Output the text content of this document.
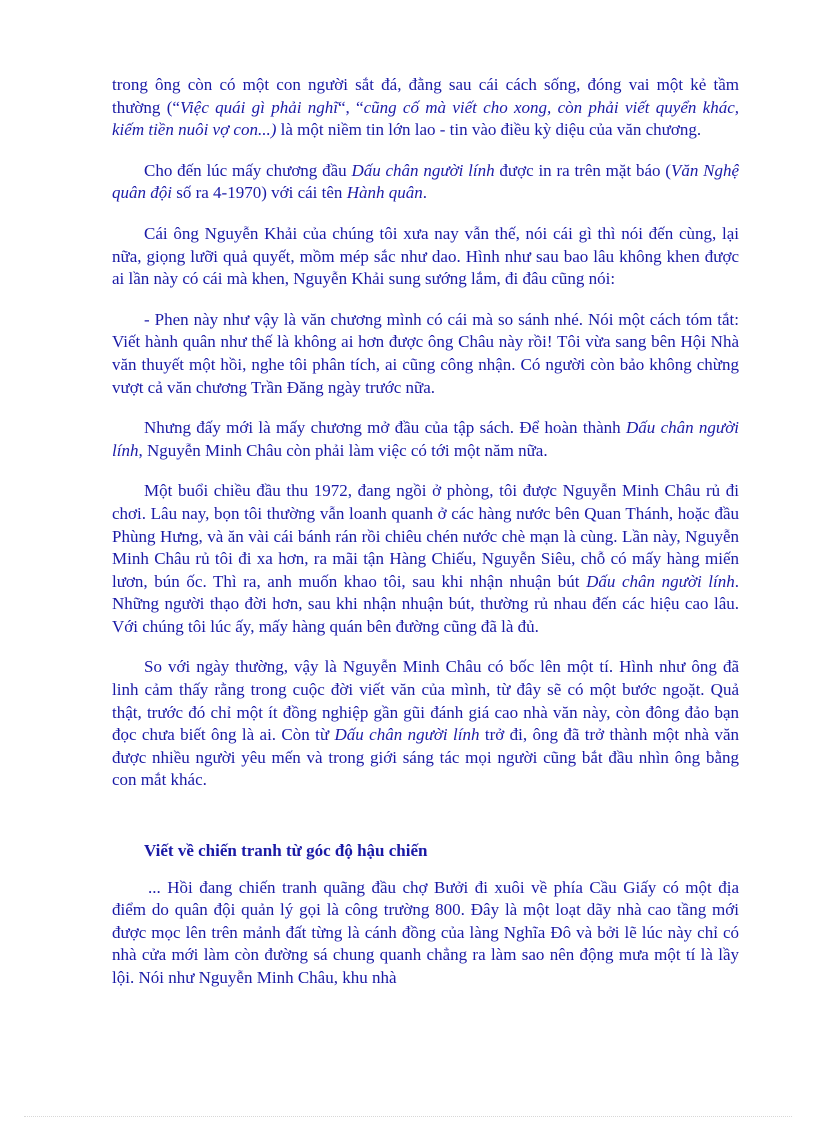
trong ông còn có một con người sắt đá, đằng sau cái cách sống, đóng vai một kẻ tầm thường (“Việc quái gì phải nghĩ“, “cũng cố mà viết cho xong, còn phải viết quyển khác, kiếm tiền nuôi vợ con...) là một niềm tin lớn lao - tin vào điều kỳ diệu của văn chương.

Cho đến lúc mấy chương đầu Dấu chân người lính được in ra trên mặt báo (Văn Nghệ quân đội số ra 4-1970) với cái tên Hành quân.

Cái ông Nguyễn Khải của chúng tôi xưa nay vẫn thế, nói cái gì thì nói đến cùng, lại nữa, giọng lưỡi quả quyết, mồm mép sắc như dao. Hình như sau bao lâu không khen được ai lần này có cái mà khen, Nguyễn Khải sung sướng lắm, đi đâu cũng nói:

- Phen này như vậy là văn chương mình có cái mà so sánh nhé. Nói một cách tóm tắt: Viết hành quân như thế là không ai hơn được ông Châu này rồi! Tôi vừa sang bên Hội Nhà văn thuyết một hồi, nghe tôi phân tích, ai cũng công nhận. Có người còn bảo không chừng vượt cả văn chương Trần Đăng ngày trước nữa.

Nhưng đấy mới là mấy chương mở đầu của tập sách. Để hoàn thành Dấu chân người lính, Nguyễn Minh Châu còn phải làm việc có tới một năm nữa.

Một buổi chiều đầu thu 1972, đang ngồi ở phòng, tôi được Nguyễn Minh Châu rủ đi chơi. Lâu nay, bọn tôi thường vẫn loanh quanh ở các hàng nước bên Quan Thánh, hoặc đầu Phùng Hưng, và ăn vài cái bánh rán rồi chiêu chén nước chè mạn là cùng. Lần này, Nguyễn Minh Châu rủ tôi đi xa hơn, ra mãi tận Hàng Chiếu, Nguyễn Siêu, chỗ có mấy hàng miến lươn, bún ốc. Thì ra, anh muốn khao tôi, sau khi nhận nhuận bút Dấu chân người lính. Những người thạo đời hơn, sau khi nhận nhuận bút, thường rủ nhau đến các hiệu cao lâu. Với chúng tôi lúc ấy, mấy hàng quán bên đường cũng đã là đủ.

So với ngày thường, vậy là Nguyễn Minh Châu có bốc lên một tí. Hình như ông đã linh cảm thấy rằng trong cuộc đời viết văn của mình, từ đây sẽ có một bước ngoặt. Quả thật, trước đó chỉ một ít đồng nghiệp gần gũi đánh giá cao nhà văn này, còn đông đảo bạn đọc chưa biết ông là ai. Còn từ Dấu chân người lính trở đi, ông đã trở thành một nhà văn được nhiều người yêu mến và trong giới sáng tác mọi người cũng bắt đầu nhìn ông bằng con mắt khác.

Viết về chiến tranh từ góc độ hậu chiến

... Hồi đang chiến tranh quãng đầu chợ Bưởi đi xuôi về phía Cầu Giấy có một địa điểm do quân đội quản lý gọi là công trường 800. Đây là một loạt dãy nhà cao tầng mới được mọc lên trên mảnh đất từng là cánh đồng của làng Nghĩa Đô và bởi lẽ lúc này chỉ có nhà cửa mới làm còn đường sá chung quanh chẳng ra làm sao nên động mưa một tí là lầy lội. Nói như Nguyễn Minh Châu, khu nhà
